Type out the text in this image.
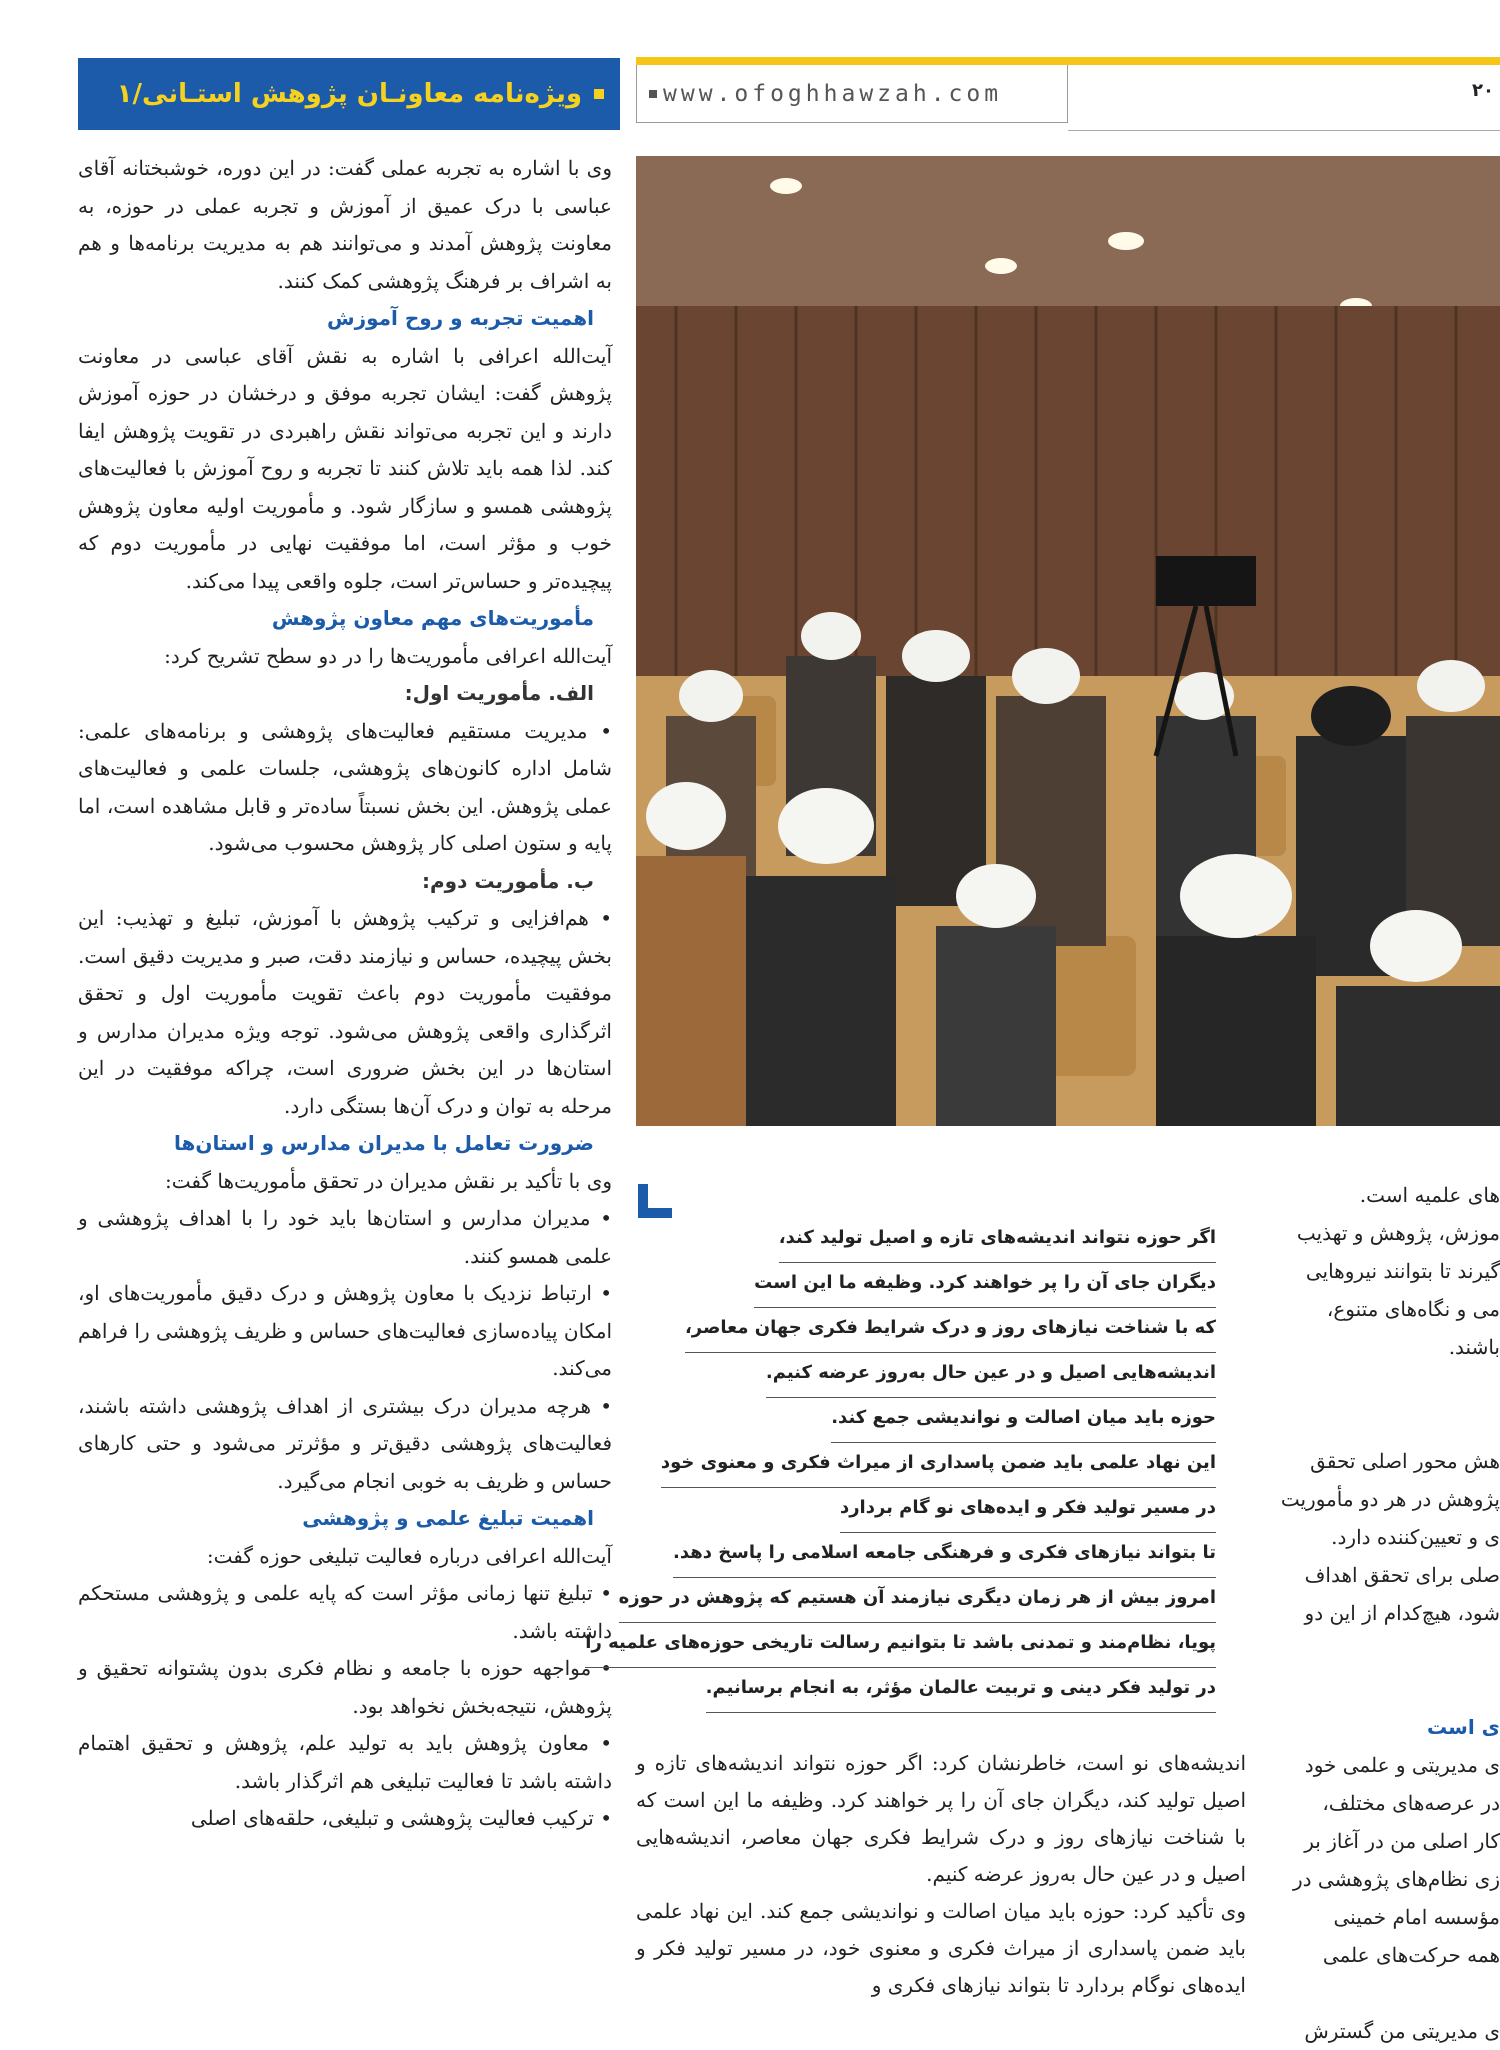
ویژه‌نامه معاونـان پژوهش استـانی/۱	www.ofoghhawzah.com	۲۰

وی با اشاره به تجربه عملی گفت: در این دوره، خوشبختانه آقای عباسی با درک عمیق از آموزش و تجربه عملی در حوزه، به معاونت پژوهش آمدند و می‌توانند هم به مدیریت برنامه‌ها و هم به اشراف بر فرهنگ پژوهشی کمک کنند.

اهمیت تجربه و روح آموزش

آیت‌الله اعرافی با اشاره به نقش آقای عباسی در معاونت پژوهش گفت: ایشان تجربه موفق و درخشان در حوزه آموزش دارند و این تجربه می‌تواند نقش راهبردی در تقویت پژوهش ایفا کند. لذا همه باید تلاش کنند تا تجربه و روح آموزش با فعالیت‌های پژوهشی همسو و سازگار شود. و مأموریت اولیه معاون پژوهش خوب و مؤثر است، اما موفقیت نهایی در مأموریت دوم که پیچیده‌تر و حساس‌تر است، جلوه واقعی پیدا می‌کند.

مأموریت‌های مهم معاون پژوهش

آیت‌الله اعرافی مأموریت‌ها را در دو سطح تشریح کرد:

الف. مأموریت اول:

• مدیریت مستقیم فعالیت‌های پژوهشی و برنامه‌های علمی: شامل اداره کانون‌های پژوهشی، جلسات علمی و فعالیت‌های عملی پژوهش. این بخش نسبتاً ساده‌تر و قابل مشاهده است، اما پایه و ستون اصلی کار پژوهش محسوب می‌شود.

ب. مأموریت دوم:

• هم‌افزایی و ترکیب پژوهش با آموزش، تبلیغ و تهذیب: این بخش پیچیده، حساس و نیازمند دقت، صبر و مدیریت دقیق است. موفقیت مأموریت دوم باعث تقویت مأموریت اول و تحقق اثرگذاری واقعی پژوهش می‌شود. توجه ویژه مدیران مدارس و استان‌ها در این بخش ضروری است، چراکه موفقیت در این مرحله به توان و درک آن‌ها بستگی دارد.

ضرورت تعامل با مدیران مدارس و استان‌ها

وی با تأکید بر نقش مدیران در تحقق مأموریت‌ها گفت:

• مدیران مدارس و استان‌ها باید خود را با اهداف پژوهشی و علمی همسو کنند.

• ارتباط نزدیک با معاون پژوهش و درک دقیق مأموریت‌های او، امکان پیاده‌سازی فعالیت‌های حساس و ظریف پژوهشی را فراهم می‌کند.

• هرچه مدیران درک بیشتری از اهداف پژوهشی داشته باشند، فعالیت‌های پژوهشی دقیق‌تر و مؤثرتر می‌شود و حتی کارهای حساس و ظریف به خوبی انجام می‌گیرد.

اهمیت تبلیغ علمی و پژوهشی

آیت‌الله اعرافی درباره فعالیت تبلیغی حوزه گفت:

• تبلیغ تنها زمانی مؤثر است که پایه علمی و پژوهشی مستحکم داشته باشد.

• مواجهه حوزه با جامعه و نظام فکری بدون پشتوانه تحقیق و پژوهش، نتیجه‌بخش نخواهد بود.

• معاون پژوهش باید به تولید علم، پژوهش و تحقیق اهتمام داشته باشد تا فعالیت تبلیغی هم اثرگذار باشد.

• ترکیب فعالیت پژوهشی و تبلیغی، حلقه‌های اصلی

اگر حوزه نتواند اندیشه‌های تازه و اصیل تولید کند،
دیگران جای آن را پر خواهند کرد. وظیفه ما این است
که با شناخت نیازهای روز و درک شرایط فکری جهان معاصر،
اندیشه‌هایی اصیل و در عین حال به‌روز عرضه کنیم.
حوزه باید میان اصالت و نواندیشی جمع کند.
این نهاد علمی باید ضمن پاسداری از میراث فکری و معنوی خود
در مسیر تولید فکر و ایده‌های نو گام بردارد
تا بتواند نیازهای فکری و فرهنگی جامعه اسلامی را پاسخ دهد.
امروز بیش از هر زمان دیگری نیازمند آن هستیم که پژوهش در حوزه
پویا، نظام‌مند و تمدنی باشد تا بتوانیم رسالت تاریخی حوزه‌های علمیه را
در تولید فکر دینی و تربیت عالمان مؤثر، به انجام برسانیم.

اندیشه‌های نو است، خاطرنشان کرد: اگر حوزه نتواند اندیشه‌های تازه و اصیل تولید کند، دیگران جای آن را پر خواهند کرد. وظیفه ما این است که با شناخت نیازهای روز و درک شرایط فکری جهان معاصر، اندیشه‌هایی اصیل و در عین حال به‌روز عرضه کنیم.

وی تأکید کرد: حوزه باید میان اصالت و نواندیشی جمع کند. این نهاد علمی باید ضمن پاسداری از میراث فکری و معنوی خود، در مسیر تولید فکر و ایده‌های نوگام بردارد تا بتواند نیازهای فکری و

های علمیه است.

موزش، پژوهش و تهذیب

گیرند تا بتوانند نیروهایی

می و نگاه‌های متنوع،

باشند.

هش محور اصلی تحقق

پژوهش در هر دو مأموریت

ی و تعیین‌کننده دارد.

صلی برای تحقق اهداف

شود، هیچ‌کدام از این دو

ی است

ی مدیریتی و علمی خود

در عرصه‌های مختلف،

کار اصلی من در آغاز بر

زی نظام‌های پژوهشی در

مؤسسه امام خمینی

همه حرکت‌های علمی

ی مدیریتی من گسترش
